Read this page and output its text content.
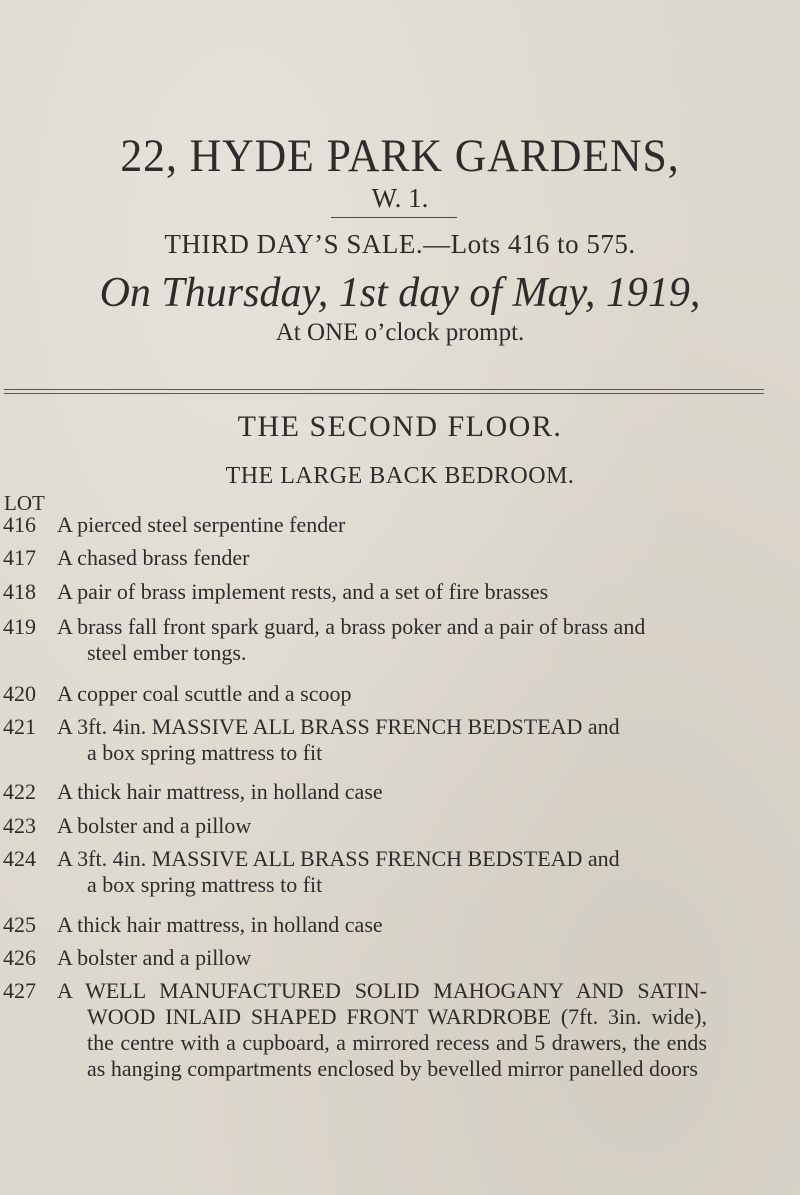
22, HYDE PARK GARDENS,
W. 1.
THIRD DAY’S SALE.—Lots 416 to 575.
On Thursday, 1st day of May, 1919,
At ONE o’clock prompt.
THE SECOND FLOOR.
THE LARGE BACK BEDROOM.
LOT
416 A pierced steel serpentine fender
417 A chased brass fender
418 A pair of brass implement rests, and a set of fire brasses
419 A brass fall front spark guard, a brass poker and a pair of brass and
steel ember tongs.
420 A copper coal scuttle and a scoop
421 A 3ft. 4in. MASSIVE ALL BRASS FRENCH BEDSTEAD and
a box spring mattress to fit
422 A thick hair mattress, in holland case
423 A bolster and a pillow
424 A 3ft. 4in. MASSIVE ALL BRASS FRENCH BEDSTEAD and
a box spring mattress to fit
425 A thick hair mattress, in holland case
426 A bolster and a pillow
427 A WELL MANUFACTURED SOLID MAHOGANY AND SATIN-WOOD INLAID SHAPED FRONT WARDROBE (7ft. 3in. wide), the centre with a cupboard, a mirrored recess and 5 drawers, the ends as hanging compartments enclosed by bevelled mirror panelled doors
